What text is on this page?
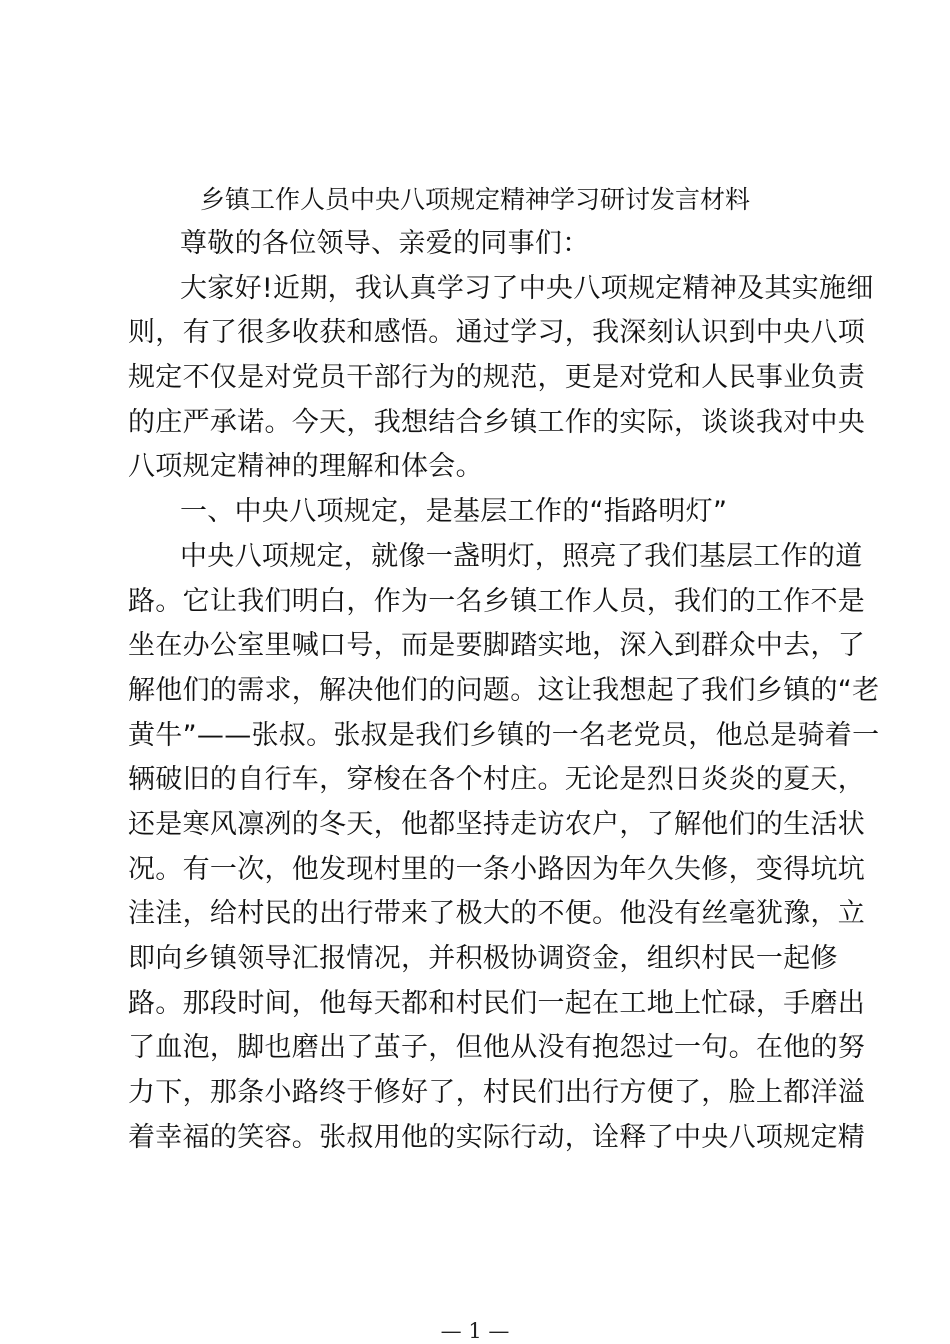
乡镇工作人员中央八项规定精神学习研讨发言材料
尊敬的各位领导、亲爱的同事们：
大家好!近期，我认真学习了中央八项规定精神及其实施细
则，有了很多收获和感悟。通过学习，我深刻认识到中央八项
规定不仅是对党员干部行为的规范，更是对党和人民事业负责
的庄严承诺。今天，我想结合乡镇工作的实际，谈谈我对中央
八项规定精神的理解和体会。
一、中央八项规定，是基层工作的“指路明灯”
中央八项规定，就像一盏明灯，照亮了我们基层工作的道
路。它让我们明白，作为一名乡镇工作人员，我们的工作不是
坐在办公室里喊口号，而是要脚踏实地，深入到群众中去，了
解他们的需求，解决他们的问题。这让我想起了我们乡镇的“老
黄牛”——张叔。张叔是我们乡镇的一名老党员，他总是骑着一
辆破旧的自行车，穿梭在各个村庄。无论是烈日炎炎的夏天，
还是寒风凛冽的冬天，他都坚持走访农户，了解他们的生活状
况。有一次，他发现村里的一条小路因为年久失修，变得坑坑
洼洼，给村民的出行带来了极大的不便。他没有丝毫犹豫，立
即向乡镇领导汇报情况，并积极协调资金，组织村民一起修
路。那段时间，他每天都和村民们一起在工地上忙碌，手磨出
了血泡，脚也磨出了茧子，但他从没有抱怨过一句。在他的努
力下，那条小路终于修好了，村民们出行方便了，脸上都洋溢
着幸福的笑容。张叔用他的实际行动，诠释了中央八项规定精
— 1 —
